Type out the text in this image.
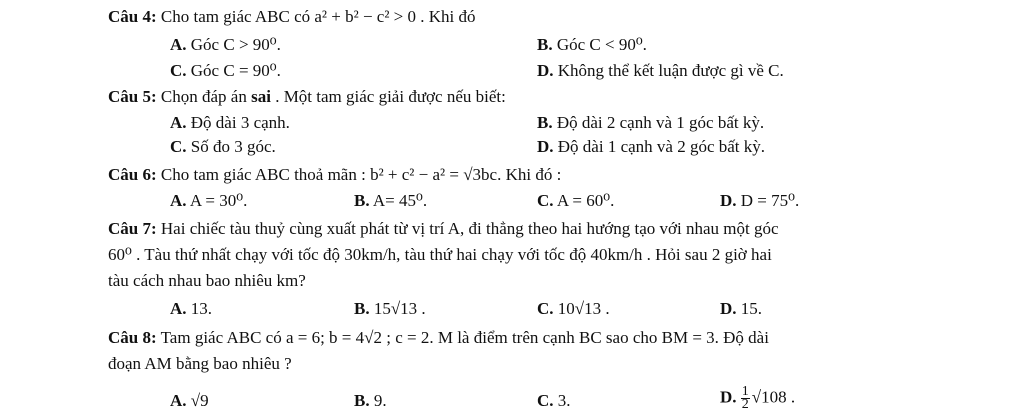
Câu 4: Cho tam giác ABC có a² + b² − c² > 0 . Khi đó
A. Góc C > 90⁰.	B. Góc C < 90⁰.
C. Góc C = 90⁰.	D. Không thể kết luận được gì về C.
Câu 5: Chọn đáp án sai . Một tam giác giải được nếu biết:
A. Độ dài 3 cạnh.	B. Độ dài 2 cạnh và 1 góc bất kỳ.
C. Số đo 3 góc.	D. Độ dài 1 cạnh và 2 góc bất kỳ.
Câu 6: Cho tam giác ABC thoả mãn : b² + c² − a² = √3bc. Khi đó :
A. A = 30⁰.	B. A= 45⁰.	C. A = 60⁰.	D. D = 75⁰.
Câu 7: Hai chiếc tàu thuỷ cùng xuất phát từ vị trí A, đi thẳng theo hai hướng tạo với nhau một góc
60⁰ . Tàu thứ nhất chạy với tốc độ 30km/h, tàu thứ hai chạy với tốc độ 40km/h . Hỏi sau 2 giờ hai
tàu cách nhau bao nhiêu km?
A. 13.	B. 15√13 .	C. 10√13 .	D. 15.
Câu 8: Tam giác ABC có a = 6; b = 4√2 ; c = 2. M là điểm trên cạnh BC sao cho BM = 3. Độ dài
đoạn AM bằng bao nhiêu ?
A. √9	B. 9.	C. 3.	D. $\frac{1}{2} √108$ .
